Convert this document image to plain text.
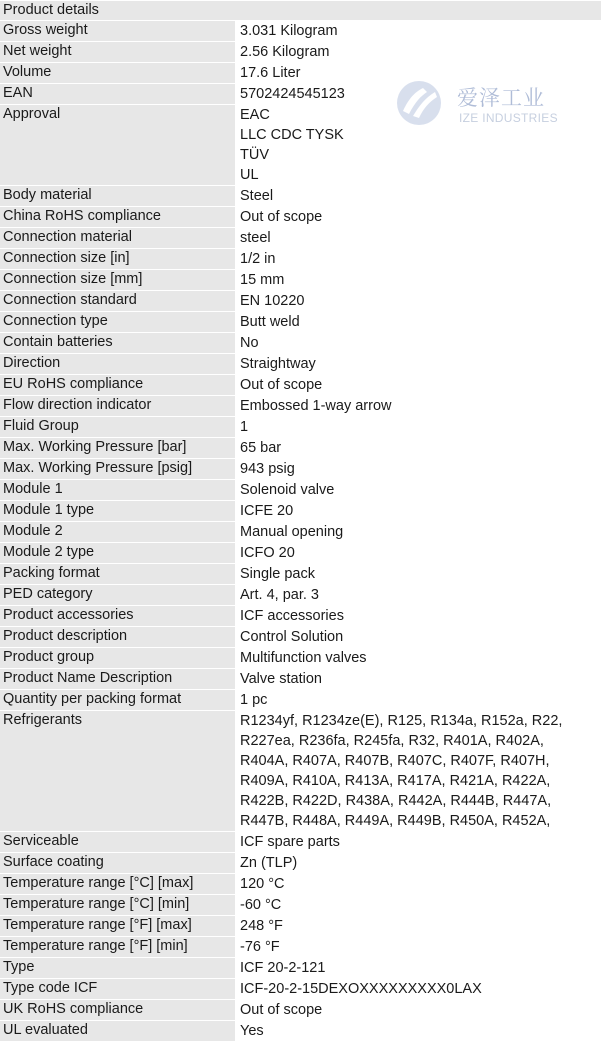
Product details
Gross weight	3.031 Kilogram
Net weight	2.56 Kilogram
Volume	17.6 Liter
EAN	5702424545123
Approval	EAC
LLC CDC TYSK
TÜV
UL
Body material	Steel
China RoHS compliance	Out of scope
Connection material	steel
Connection size [in]	1/2 in
Connection size [mm]	15 mm
Connection standard	EN 10220
Connection type	Butt weld
Contain batteries	No
Direction	Straightway
EU RoHS compliance	Out of scope
Flow direction indicator	Embossed 1-way arrow
Fluid Group	1
Max. Working Pressure [bar]	65 bar
Max. Working Pressure [psig]	943 psig
Module 1	Solenoid valve
Module 1 type	ICFE 20
Module 2	Manual opening
Module 2 type	ICFO 20
Packing format	Single pack
PED category	Art. 4, par. 3
Product accessories	ICF accessories
Product description	Control Solution
Product group	Multifunction valves
Product Name Description	Valve station
Quantity per packing format	1 pc
Refrigerants	R1234yf, R1234ze(E), R125, R134a, R152a, R22,
R227ea, R236fa, R245fa, R32, R401A, R402A,
R404A, R407A, R407B, R407C, R407F, R407H,
R409A, R410A, R413A, R417A, R421A, R422A,
R422B, R422D, R438A, R442A, R444B, R447A,
R447B, R448A, R449A, R449B, R450A, R452A,
Serviceable	ICF spare parts
Surface coating	Zn (TLP)
Temperature range [°C] [max]	120 °C
Temperature range [°C] [min]	-60 °C
Temperature range [°F] [max]	248 °F
Temperature range [°F] [min]	-76 °F
Type	ICF 20-2-121
Type code ICF	ICF-20-2-15DEXOXXXXXXXXX0LAX
UK RoHS compliance	Out of scope
UL evaluated	Yes
爱泽工业
IZE INDUSTRIES
